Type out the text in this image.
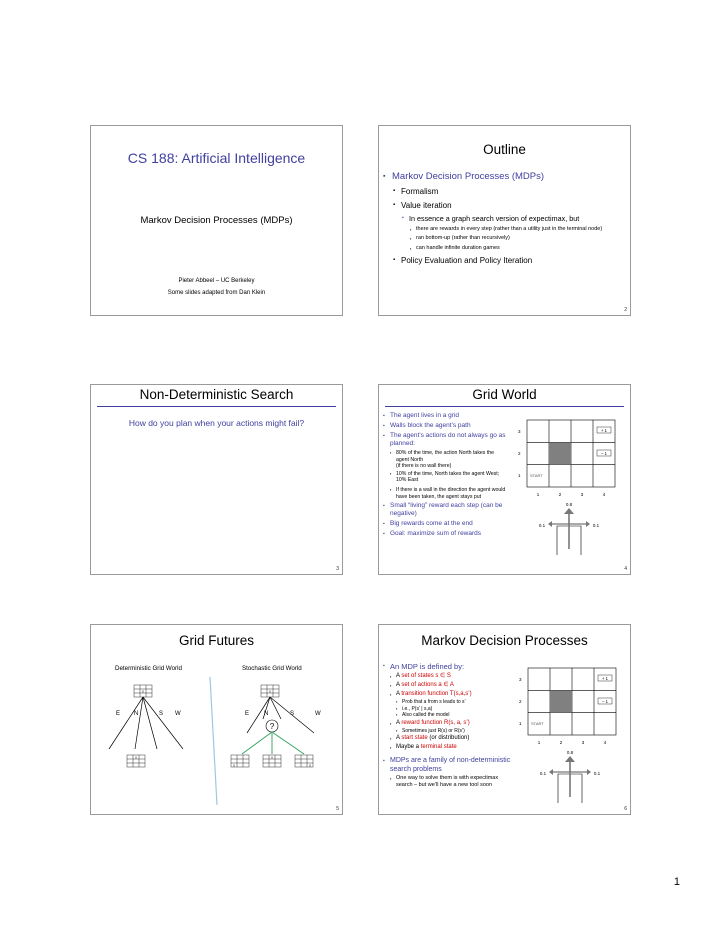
CS 188: Artificial Intelligence
Markov Decision Processes (MDPs)
Pieter Abbeel – UC Berkeley
Some slides adapted from Dan Klein
Outline
▪ Markov Decision Processes (MDPs)
▪ Formalism
▪ Value iteration
▪ In essence a graph search version of expectimax, but
▪ there are rewards in every step (rather than a utility just in the terminal node)
▪ ran bottom-up (rather than recursively)
▪ can handle infinite duration games
▪ Policy Evaluation and Policy Iteration
2
Non-Deterministic Search
How do you plan when your actions might fail?
3
Grid World
▪ The agent lives in a grid
▪ Walls block the agent’s path
▪ The agent’s actions do not always go as planned:
▪ 80% of the time, the action North takes the agent North
(if there is no wall there)
▪ 10% of the time, North takes the agent West; 10% East
▪ If there is a wall in the direction the agent would have been taken, the agent stays put
▪ Small “living” reward each step (can be negative)
▪ Big rewards come at the end
▪ Goal: maximize sum of rewards
+ 1
– 1
START
3
2
1
1	2	3	4
0.8
0.1	0.1
4
Grid Futures
Deterministic Grid World	Stochastic Grid World
x
E N	S W
x
x
E N	S	W
?
x
x
x
5
Markov Decision Processes
▪ An MDP is defined by:
▪ A set of states s ∈ S
▪ A set of actions a ∈ A
▪ A transition function T(s,a,s’)
▪ Prob that a from s leads to s’
▪ i.e., P(s’ | s,a)
▪ Also called the model
▪ A reward function R(s, a, s’)
▪ Sometimes just R(s) or R(s’)
▪ A start state (or distribution)
▪ Maybe a terminal state
▪ MDPs are a family of non-deterministic search problems
▪ One way to solve them is with expectimax search – but we’ll have a new tool soon
+ 1
– 1
START
3
2
1
1	2	3	4
0.8
0.1	0.1
6
1
